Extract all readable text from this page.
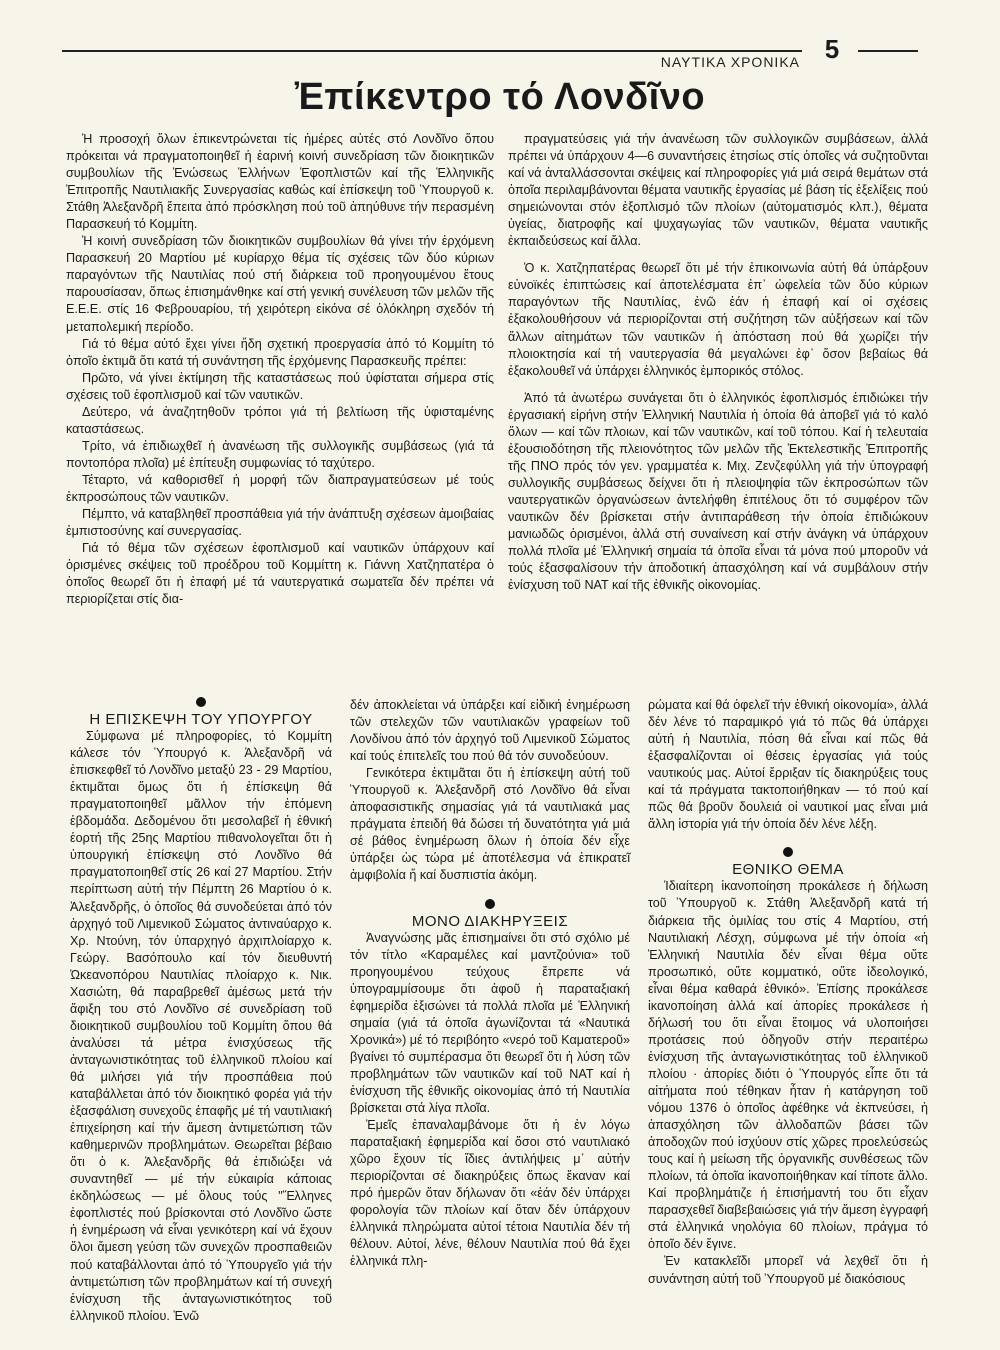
ΝΑΥΤΙΚΑ ΧΡΟΝΙΚΑ 5
Ἐπίκεντρο τό Λονδῖνο

Ἡ προσοχή ὅλων ἐπικεντρώνεται τίς ἡμέρες αὐτές στό Λονδῖνο ὅπου πρόκειται νά πραγματοποιηθεῖ ἡ ἐαρινή κοινή συνεδρίαση τῶν διοικητικῶν συμβουλίων τῆς Ἑνώσεως Ἑλλήνων Ἐφοπλιστῶν καί τῆς Ἑλληνικῆς Ἐπιτροπῆς Ναυτιλιακῆς Συνεργασίας καθώς καί ἐπίσκεψη τοῦ Ὑπουργοῦ κ. Στάθη Ἀλεξανδρῆ ἔπειτα ἀπό πρόσκληση πού τοῦ ἀπηύθυνε τήν περασμένη Παρασκευή τό Κομμίτη.

Ἡ κοινή συνεδρίαση τῶν διοικητικῶν συμβουλίων θά γίνει τήν ἐρχόμενη Παρασκευή 20 Μαρτίου μέ κυρίαρχο θέμα τίς σχέσεις τῶν δύο κύριων παραγόντων τῆς Ναυτιλίας πού στή διάρκεια τοῦ προηγουμένου ἔτους παρουσίασαν, ὅπως ἐπισημάνθηκε καί στή γενική συνέλευση τῶν μελῶν τῆς Ε.Ε.Ε. στίς 16 Φεβρουαρίου, τή χειρότερη εἰκόνα σέ ὁλόκληρη σχεδόν τή μεταπολεμική περίοδο.

Γιά τό θέμα αὐτό ἔχει γίνει ἤδη σχετική προεργασία ἀπό τό Κομμίτη τό ὁποῖο ἐκτιμᾶ ὅτι κατά τή συνάντηση τῆς ἐρχόμενης Παρασκευῆς πρέπει:

Πρῶτο, νά γίνει ἐκτίμηση τῆς καταστάσεως πού ὑφίσταται σήμερα στίς σχέσεις τοῦ ἐφοπλισμοῦ καί τῶν ναυτικῶν.

Δεύτερο, νά ἀναζητηθοῦν τρόποι γιά τή βελτίωση τῆς ὑφισταμένης καταστάσεως.

Τρίτο, νά ἐπιδιωχθεῖ ἡ ἀνανέωση τῆς συλλογικῆς συμβάσεως (γιά τά ποντοπόρα πλοῖα) μέ ἐπίτευξη συμφωνίας τό ταχύτερο.

Τέταρτο, νά καθορισθεῖ ἡ μορφή τῶν διαπραγματεύσεων μέ τούς ἐκπροσώπους τῶν ναυτικῶν.

Πέμπτο, νά καταβληθεῖ προσπάθεια γιά τήν ἀνάπτυξη σχέσεων ἀμοιβαίας ἐμπιστοσύνης καί συνεργασίας.

Γιά τό θέμα τῶν σχέσεων ἐφοπλισμοῦ καί ναυτικῶν ὑπάρχουν καί ὁρισμένες σκέψεις τοῦ προέδρου τοῦ Κομμίττη κ. Γιάννη Χατζηπατέρα ὁ ὁποῖος θεωρεῖ ὅτι ἡ ἐπαφή μέ τά ναυτεργατικά σωματεῖα δέν πρέπει νά περιορίζεται στίς δια-

πραγματεύσεις γιά τήν ἀνανέωση τῶν συλλογικῶν συμβάσεων, ἀλλά πρέπει νά ὑπάρχουν 4—6 συναντήσεις ἐτησίως στίς ὁποῖες νά συζητοῦνται καί νά ἀνταλλάσσονται σκέψεις καί πληροφορίες γιά μιά σειρά θεμάτων στά ὁποῖα περιλαμβάνονται θέματα ναυτικῆς ἐργασίας μέ βάση τίς ἐξελίξεις πού σημειώνονται στόν ἐξοπλισμό τῶν πλοίων (αὐτοματισμός κλπ.), θέματα ὑγείας, διατροφῆς καί ψυχαγωγίας τῶν ναυτικῶν, θέματα ναυτικῆς ἐκπαιδεύσεως καί ἄλλα.

Ὁ κ. Χατζηπατέρας θεωρεῖ ὅτι μέ τήν ἐπικοινωνία αὐτή θά ὑπάρξουν εὐνοϊκές ἐπιπτώσεις καί ἀποτελέσματα ἐπ᾽ ὠφελεία τῶν δύο κύριων παραγόντων τῆς Ναυτιλίας, ἐνῶ ἐάν ἡ ἐπαφή καί οἱ σχέσεις ἐξακολουθήσουν νά περιορίζονται στή συζήτηση τῶν αὐξήσεων καί τῶν ἄλλων αἰτημάτων τῶν ναυτικῶν ἡ ἀπόσταση πού θά χωρίζει τήν πλοιοκτησία καί τή ναυτεργασία θά μεγαλώνει ἐφ᾽ ὅσον βεβαίως θά ἐξακολουθεῖ νά ὑπάρχει ἑλληνικός ἐμπορικός στόλος.

Ἀπό τά ἀνωτέρω συνάγεται ὅτι ὁ ἑλληνικός ἐφοπλισμός ἐπιδιώκει τήν ἐργασιακή εἰρήνη στήν Ἑλληνική Ναυτιλία ἡ ὁποία θά ἀποβεῖ γιά τό καλό ὅλων — καί τῶν πλοιων, καί τῶν ναυτικῶν, καί τοῦ τόπου. Καί ἡ τελευταία ἐξουσιοδότηση τῆς πλειονότητος τῶν μελῶν τῆς Ἐκτελεστικῆς Ἐπιτροπῆς τῆς ΠΝΟ πρός τόν γεν. γραμματέα κ. Μιχ. Ζενζεφύλλη γιά τήν ὑπογραφή συλλογικῆς συμβάσεως δείχνει ὅτι ἡ πλειοψηφία τῶν ἐκπροσώπων τῶν ναυτεργατικῶν ὀργανώσεων ἀντελήφθη ἐπιτέλους ὅτι τό συμφέρον τῶν ναυτικῶν δέν βρίσκεται στήν ἀντιπαράθεση τήν ὁποία ἐπιδιώκουν μανιωδῶς ὁρισμένοι, ἀλλά στή συναίνεση καί στήν ἀνάγκη νά ὑπάρχουν πολλά πλοῖα μέ Ἑλληνική σημαία τά ὁποῖα εἶναι τά μόνα πού μποροῦν νά τούς ἐξασφαλίσουν τήν ἀποδοτική ἀπασχόληση καί νά συμβάλουν στήν ἐνίσχυση τοῦ ΝΑΤ καί τῆς ἐθνικῆς οἰκονομίας.

Η ΕΠΙΣΚΕΨΗ ΤΟΥ ΥΠΟΥΡΓΟΥ

Σύμφωνα μέ πληροφορίες, τό Κομμίτη κάλεσε τόν Ὑπουργό κ. Ἀλεξανδρῆ νά ἐπισκεφθεῖ τό Λονδῖνο μεταξύ 23 - 29 Μαρτίου, ἐκτιμᾶται ὅμως ὅτι ἡ ἐπίσκεψη θά πραγματοποιηθεῖ μᾶλλον τήν ἑπόμενη ἑβδομάδα. Δεδομένου ὅτι μεσολαβεῖ ἡ ἐθνική ἑορτή τῆς 25ης Μαρτίου πιθανολογεῖται ὅτι ἡ ὑπουργική ἐπίσκεψη στό Λονδῖνο θά πραγματοποιηθεῖ στίς 26 καί 27 Μαρτίου. Στήν περίπτωση αὐτή τήν Πέμπτη 26 Μαρτίου ὁ κ. Ἀλεξανδρῆς, ὁ ὁποῖος θά συνοδεύεται ἀπό τόν ἀρχηγό τοῦ Λιμενικοῦ Σώματος ἀντιναύαρχο κ. Χρ. Ντούνη, τόν ὑπαρχηγό ἀρχιπλοίαρχο κ. Γεώργ. Βασόπουλο καί τόν διευθυντή Ὠκεανοπόρου Ναυτιλίας πλοίαρχο κ. Νικ. Χασιώτη, θά παραβρεθεῖ ἀμέσως μετά τήν ἄφιξη του στό Λονδῖνο σέ συνεδρίαση τοῦ διοικητικοῦ συμβουλίου τοῦ Κομμίτη ὅπου θά ἀναλύσει τά μέτρα ἐνισχύσεως τῆς ἀνταγωνιστικότητας τοῦ ἑλληνικοῦ πλοίου καί θά μιλήσει γιά τήν προσπάθεια πού καταβάλλεται ἀπό τόν διοικητικό φορέα γιά τήν ἐξασφάλιση συνεχοῦς ἐπαφῆς μέ τή ναυτιλιακή ἐπιχείρηση καί τήν ἄμεση ἀντιμετώπιση τῶν καθημερινῶν προβλημάτων. Θεωρεῖται βέβαιο ὅτι ὁ κ. Ἀλεξανδρῆς θά ἐπιδιώξει νά συναντηθεῖ — μέ τήν εὐκαιρία κάποιας ἐκδηλώσεως — μέ ὅλους τούς "Ἕλληνες ἐφοπλιστές πού βρίσκονται στό Λονδῖνο ὥστε ἡ ἐνημέρωση νά εἶναι γενικότερη καί νά ἔχουν ὅλοι ἄμεση γεύση τῶν συνεχῶν προσπαθειῶν πού καταβάλλονται ἀπό τό Ὑπουργεῖο γιά τήν ἀντιμετώπιση τῶν προβλημάτων καί τή συνεχή ἐνίσχυση τῆς ἀνταγωνιστικότητος τοῦ ἑλληνικοῦ πλοίου. Ἐνῶ

δέν ἀποκλείεται νά ὑπάρξει καί εἰδική ἐνημέρωση τῶν στελεχῶν τῶν ναυτιλιακῶν γραφείων τοῦ Λονδίνου ἀπό τόν ἀρχηγό τοῦ Λιμενικοῦ Σώματος καί τούς ἐπιτελεῖς του πού θά τόν συνοδεύουν.

Γενικότερα ἐκτιμᾶται ὅτι ἡ ἐπίσκεψη αὐτή τοῦ Ὑπουργοῦ κ. Ἀλεξανδρῆ στό Λονδῖνο θά εἶναι ἀποφασιστικῆς σημασίας γιά τά ναυτιλιακά μας πράγματα ἐπειδή θά δώσει τή δυνατότητα γιά μιά σέ βάθος ἐνημέρωση ὅλων ἡ ὁποία δέν εἶχε ὑπάρξει ὡς τώρα μέ ἀποτέλεσμα νά ἐπικρατεῖ ἀμφιβολία ἤ καί δυσπιστία ἀκόμη.

ΜΟΝΟ ΔΙΑΚΗΡΥΞΕΙΣ

Ἀναγνώσης μᾶς ἐπισημαίνει ὅτι στό σχόλιο μέ τόν τίτλο «Καραμέλες καί μαντζούνια» τοῦ προηγουμένου τεύχους ἔπρεπε νά ὑπογραμμίσουμε ὅτι ἀφοῦ ἡ παραταξιακή ἐφημερίδα ἐξισώνει τά πολλά πλοῖα μέ Ἑλληνική σημαία (γιά τά ὁποῖα ἀγωνίζονται τά «Ναυτικά Χρονικά») μέ τό περιβόητο «νερό τοῦ Καματεροῦ» βγαίνει τό συμπέρασμα ὅτι θεωρεῖ ὅτι ἡ λύση τῶν προβλημάτων τῶν ναυτικῶν καί τοῦ ΝΑΤ καί ἡ ἐνίσχυση τῆς ἐθνικῆς οἰκονομίας ἀπό τή Ναυτιλία βρίσκεται στά λίγα πλοῖα.

Ἐμεῖς ἐπαναλαμβάνομε ὅτι ἡ ἐν λόγω παραταξιακή ἐφημερίδα καί ὅσοι στό ναυτιλιακό χῶρο ἔχουν τίς ἴδιες ἀντιλήψεις μ᾽ αὐτήν περιορίζονται σέ διακηρύξεις ὅπως ἔκαναν καί πρό ἡμερῶν ὅταν δήλωναν ὅτι «ἐάν δέν ὑπάρχει φορολογία τῶν πλοίων καί ὅταν δέν ὑπάρχουν ἑλληνικά πληρώματα αὐτοί τέτοια Ναυτιλία δέν τή θέλουν. Αὐτοί, λένε, θέλουν Ναυτιλία πού θά ἔχει ἑλληνικά πλη-

ρώματα καί θά ὀφελεῖ τήν ἐθνική οἰκονομία», ἀλλά δέν λένε τό παραμικρό γιά τό πῶς θά ὑπάρχει αὐτή ἡ Ναυτιλία, πόση θά εἶναι καί πῶς θά ἐξασφαλίζονται οἱ θέσεις ἐργασίας γιά τούς ναυτικούς μας. Αὐτοί ἔρριξαν τίς διακηρύξεις τους καί τά πράγματα τακτοποιήθηκαν — τό πού καί πῶς θά βροῦν δουλειά οἱ ναυτικοί μας εἶναι μιά ἄλλη ἱστορία γιά τήν ὁποία δέν λένε λέξη.

ΕΘΝΙΚΟ ΘΕΜΑ

Ἰδιαίτερη ἱκανοποίηση προκάλεσε ἡ δήλωση τοῦ Ὑπουργοῦ κ. Στάθη Ἀλεξανδρῆ κατά τή διάρκεια τῆς ὁμιλίας του στίς 4 Μαρτίου, στή Ναυτιλιακή Λέσχη, σύμφωνα μέ τήν ὁποία «ἡ Ἑλληνική Ναυτιλία δέν εἶναι θέμα οὔτε προσωπικό, οὔτε κομματικό, οὔτε ἰδεολογικό, εἶναι θέμα καθαρά ἐθνικό». Ἐπίσης προκάλεσε ἱκανοποίηση ἀλλά καί ἀπορίες προκάλεσε ἡ δήλωσή του ὅτι εἶναι ἕτοιμος νά υλοποιήσει προτάσεις πού ὁδηγοῦν στήν περαιτέρω ἐνίσχυση τῆς ἀνταγωνιστικότητας τοῦ ἑλληνικοῦ πλοίου · ἀπορίες διότι ὁ Ὑπουργός εἶπε ὅτι τά αἰτήματα πού τέθηκαν ἦταν ἡ κατάργηση τοῦ νόμου 1376 ὁ ὁποῖος ἀφέθηκε νά ἐκπνεύσει, ἡ ἀπασχόληση τῶν ἀλλοδαπῶν βάσει τῶν ἀποδοχῶν πού ἰσχύουν στίς χῶρες προελεύσεώς τους καί ἡ μείωση τῆς ὀργανικῆς συνθέσεως τῶν πλοίων, τά ὁποῖα ἱκανοποιήθηκαν καί τίποτε ἄλλο. Καί προβλημάτιζε ἡ ἐπισήμαντή του ὅτι εἶχαν παρασχεθεῖ διαβεβαιώσεις γιά τήν ἄμεση ἐγγραφή στά ἑλληνικά νηολόγια 60 πλοίων, πράγμα τό ὁποῖο δέν ἔγινε.

Ἐν κατακλεῖδι μπορεῖ νά λεχθεῖ ὅτι ἡ συνάντηση αὐτή τοῦ Ὑπουργοῦ μέ διακόσιους
